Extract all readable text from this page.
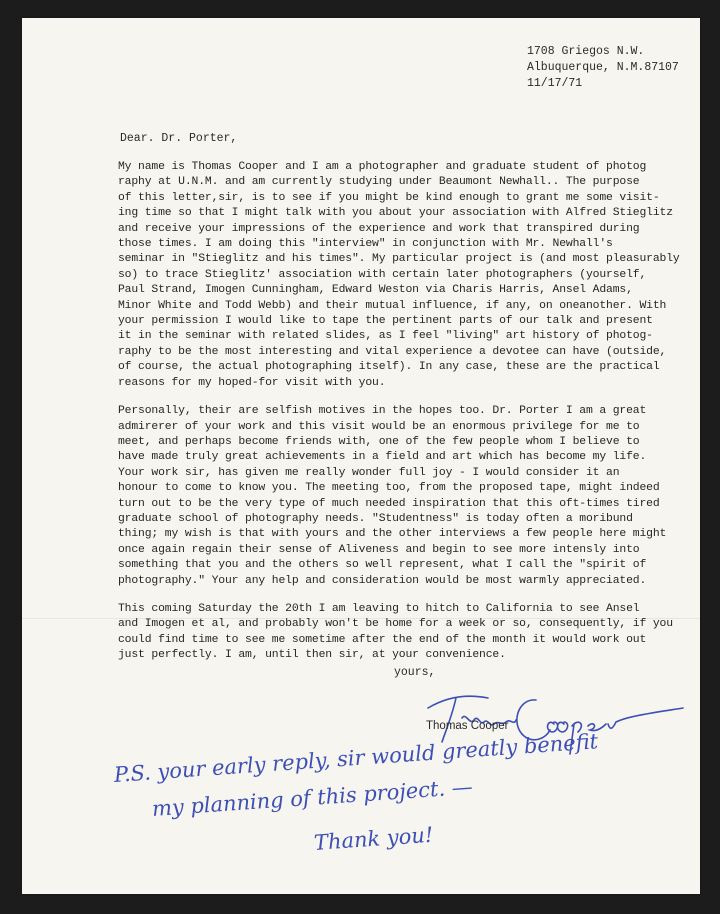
1708 Griegos N.W.
Albuquerque, N.M.87107
11/17/71
Dear. Dr. Porter,

My name is Thomas Cooper and I am a photographer and graduate student of photog
raphy at U.N.M. and am currently studying under Beaumont Newhall.. The purpose
of this letter,sir, is to see if you might be kind enough to grant me some visit-
ing time so that I might talk with you about your association with Alfred Stieglitz
and receive your impressions of the experience and work that transpired during
those times. I am doing this "interview" in conjunction with Mr. Newhall's
seminar in "Stieglitz and his times". My particular project is (and most pleasurably
so) to trace Stieglitz' association with certain later photographers (yourself,
Paul Strand, Imogen Cunningham, Edward Weston via Charis Harris, Ansel Adams,
Minor White and Todd Webb) and their mutual influence, if any, on oneanother. With
your permission I would like to tape the pertinent parts of our talk and present
it in the seminar with related slides, as I feel "living" art history of photog-
raphy to be the most interesting and vital experience a devotee can have (outside,
of course, the actual photographing itself). In any case, these are the practical
reasons for my hoped-for visit with you.

Personally, their are selfish motives in the hopes too. Dr. Porter I am a great
admirerer of your work and this visit would be an enormous privilege for me to
meet, and perhaps become friends with, one of the few people whom I believe to
have made truly great achievements in a field and art which has become my life.
Your work sir, has given me really wonder full joy - I would consider it an
honour to come to know you. The meeting too, from the proposed tape, might indeed
turn out to be the very type of much needed inspiration that this oft-times tired
graduate school of photography needs. "Studentness" is today often a moribund
thing; my wish is that with yours and the other interviews a few people here might
once again regain their sense of Aliveness and begin to see more intensly into
something that you and the others so well represent, what I call the "spirit of
photography." Your any help and consideration would be most warmly appreciated.

This coming Saturday the 20th I am leaving to hitch to California to see Ansel
and Imogen et al, and probably won't be home for a week or so, consequently, if you
could find time to see me sometime after the end of the month it would work out
just perfectly. I am, until then sir, at your convenience.

yours,
Thomas Cooper
P.S. your early reply, sir would greatly benefit
my planning of this project. —
Thank you!
